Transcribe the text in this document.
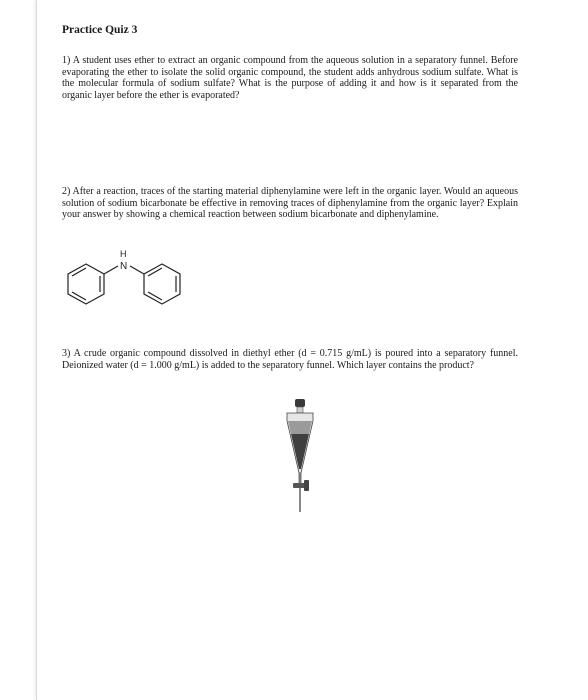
Practice Quiz 3

1) A student uses ether to extract an organic compound from the aqueous solution in a separatory funnel. Before evaporating the ether to isolate the solid organic compound, the student adds anhydrous sodium sulfate. What is the molecular formula of sodium sulfate? What is the purpose of adding it and how is it separated from the organic layer before the ether is evaporated?

2) After a reaction, traces of the starting material diphenylamine were left in the organic layer. Would an aqueous solution of sodium bicarbonate be effective in removing traces of diphenylamine from the organic layer? Explain your answer by showing a chemical reaction between sodium bicarbonate and diphenylamine.

N
H

3) A crude organic compound dissolved in diethyl ether (d = 0.715 g/mL) is poured into a separatory funnel. Deionized water (d = 1.000 g/mL) is added to the separatory funnel. Which layer contains the product?
